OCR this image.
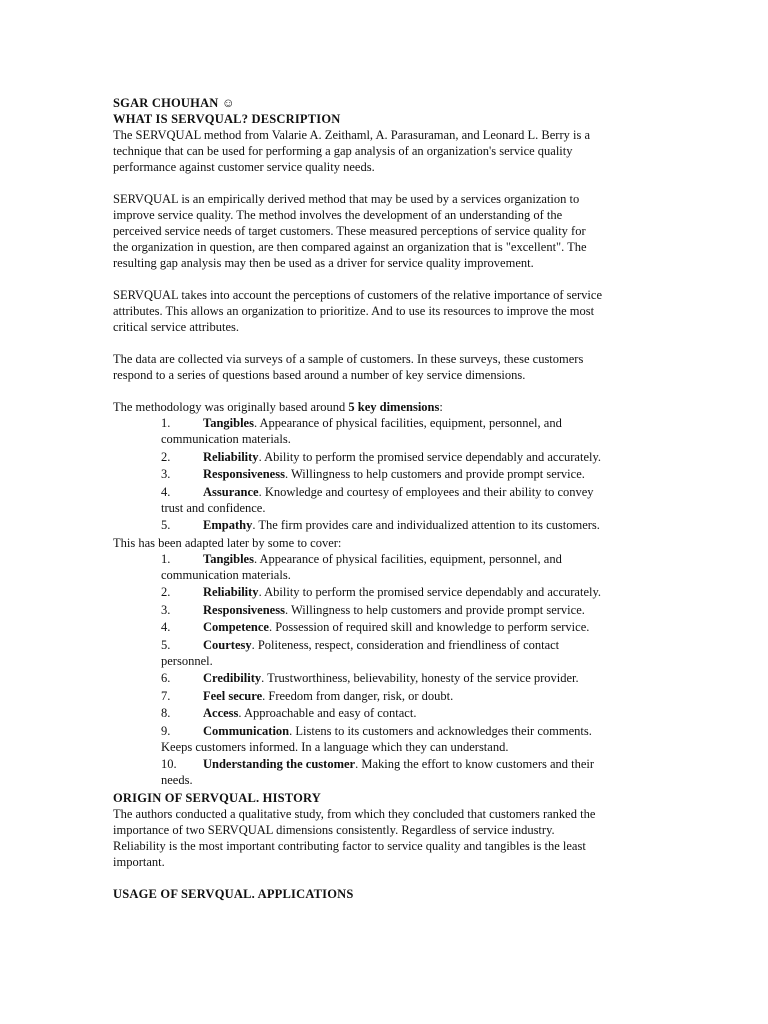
SGAR CHOUHAN ☺
WHAT IS SERVQUAL? DESCRIPTION
The SERVQUAL method from Valarie A. Zeithaml, A. Parasuraman, and Leonard L. Berry is a
technique that can be used for performing a gap analysis of an organization's service quality
performance against customer service quality needs.
SERVQUAL is an empirically derived method that may be used by a services organization to
improve service quality. The method involves the development of an understanding of the
perceived service needs of target customers. These measured perceptions of service quality for
the organization in question, are then compared against an organization that is "excellent". The
resulting gap analysis may then be used as a driver for service quality improvement.
SERVQUAL takes into account the perceptions of customers of the relative importance of service
attributes. This allows an organization to prioritize. And to use its resources to improve the most
critical service attributes.
The data are collected via surveys of a sample of customers. In these surveys, these customers
respond to a series of questions based around a number of key service dimensions.
The methodology was originally based around 5 key dimensions:
1.	Tangibles. Appearance of physical facilities, equipment, personnel, and
communication materials.
2.	Reliability. Ability to perform the promised service dependably and accurately.
3.	Responsiveness. Willingness to help customers and provide prompt service.
4.	Assurance. Knowledge and courtesy of employees and their ability to convey
trust and confidence.
5.	Empathy. The firm provides care and individualized attention to its customers.
This has been adapted later by some to cover:
1.	Tangibles. Appearance of physical facilities, equipment, personnel, and
communication materials.
2.	Reliability. Ability to perform the promised service dependably and accurately.
3.	Responsiveness. Willingness to help customers and provide prompt service.
4.	Competence. Possession of required skill and knowledge to perform service.
5.	Courtesy. Politeness, respect, consideration and friendliness of contact
personnel.
6.	Credibility. Trustworthiness, believability, honesty of the service provider.
7.	Feel secure. Freedom from danger, risk, or doubt.
8.	Access. Approachable and easy of contact.
9.	Communication. Listens to its customers and acknowledges their comments.
Keeps customers informed. In a language which they can understand.
10. Understanding the customer. Making the effort to know customers and their
needs.
ORIGIN OF SERVQUAL. HISTORY
The authors conducted a qualitative study, from which they concluded that customers ranked the
importance of two SERVQUAL dimensions consistently. Regardless of service industry.
Reliability is the most important contributing factor to service quality and tangibles is the least
important.
USAGE OF SERVQUAL. APPLICATIONS
